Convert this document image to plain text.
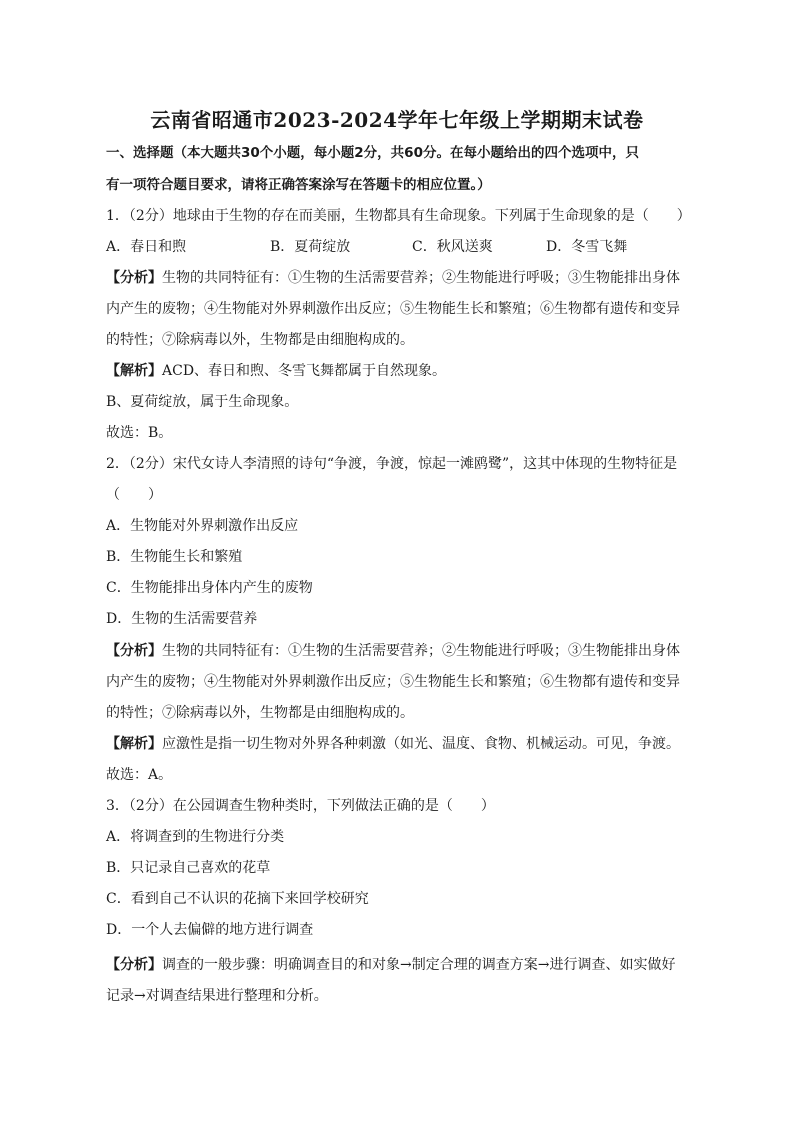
云南省昭通市2023-2024学年七年级上学期期末试卷
一、选择题（本大题共30个小题，每小题2分，共60分。在每小题给出的四个选项中，只
有一项符合题目要求，请将正确答案涂写在答题卡的相应位置。）
1．（2分）地球由于生物的存在而美丽，生物都具有生命现象。下列属于生命现象的是（　　）
A．春日和煦	B．夏荷绽放	C．秋风送爽	D．冬雪飞舞
【分析】生物的共同特征有：①生物的生活需要营养；②生物能进行呼吸；③生物能排出身体
内产生的废物；④生物能对外界刺激作出反应；⑤生物能生长和繁殖；⑥生物都有遗传和变异
的特性；⑦除病毒以外，生物都是由细胞构成的。
【解析】ACD、春日和煦、冬雪飞舞都属于自然现象。
B、夏荷绽放，属于生命现象。
故选：B。
2．（2分）宋代女诗人李清照的诗句“争渡，争渡，惊起一滩鸥鹭”，这其中体现的生物特征是
（　　）
A．生物能对外界刺激作出反应
B．生物能生长和繁殖
C．生物能排出身体内产生的废物
D．生物的生活需要营养
【分析】生物的共同特征有：①生物的生活需要营养；②生物能进行呼吸；③生物能排出身体
内产生的废物；④生物能对外界刺激作出反应；⑤生物能生长和繁殖；⑥生物都有遗传和变异
的特性；⑦除病毒以外，生物都是由细胞构成的。
【解析】应激性是指一切生物对外界各种刺激（如光、温度、食物、机械运动。可见，争渡。
故选：A。
3．（2分）在公园调查生物种类时，下列做法正确的是（　　）
A．将调查到的生物进行分类
B．只记录自己喜欢的花草
C．看到自己不认识的花摘下来回学校研究
D．一个人去偏僻的地方进行调查
【分析】调查的一般步骤：明确调查目的和对象→制定合理的调查方案→进行调查、如实做好
记录→对调查结果进行整理和分析。
